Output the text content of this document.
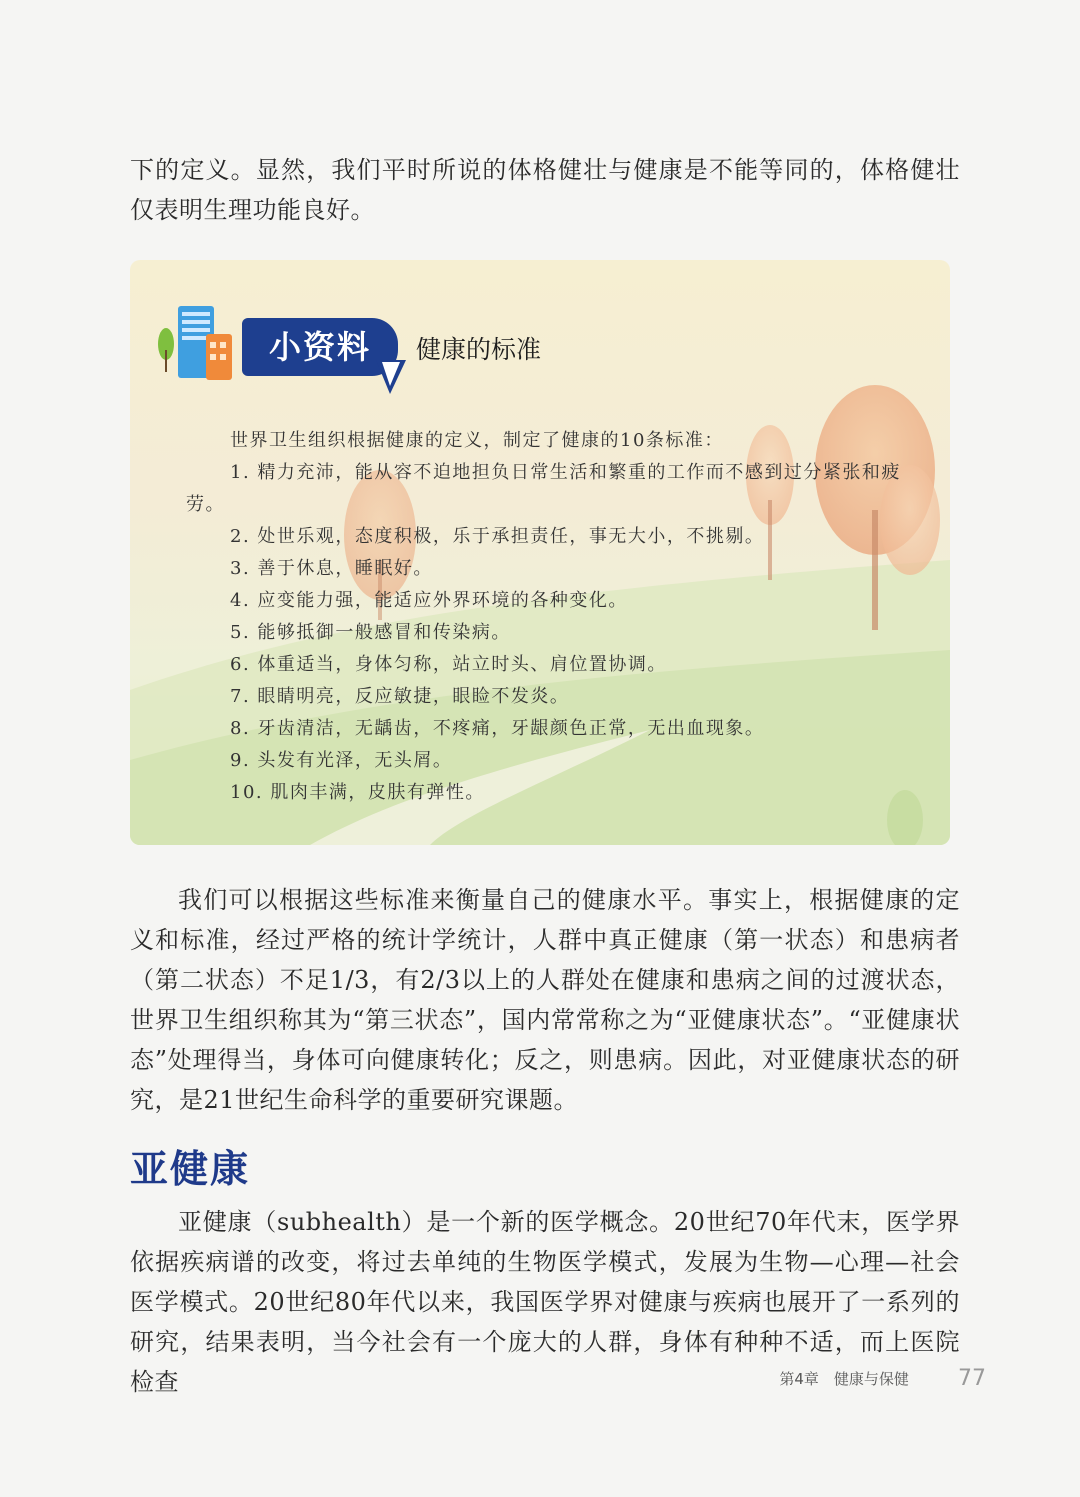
下的定义。显然，我们平时所说的体格健壮与健康是不能等同的，体格健壮仅表明生理功能良好。

小资料	健康的标准

世界卫生组织根据健康的定义，制定了健康的10条标准：

1. 精力充沛，能从容不迫地担负日常生活和繁重的工作而不感到过分紧张和疲劳。

2. 处世乐观，态度积极，乐于承担责任，事无大小，不挑剔。

3. 善于休息，睡眠好。

4. 应变能力强，能适应外界环境的各种变化。

5. 能够抵御一般感冒和传染病。

6. 体重适当，身体匀称，站立时头、肩位置协调。

7. 眼睛明亮，反应敏捷，眼睑不发炎。

8. 牙齿清洁，无龋齿，不疼痛，牙龈颜色正常，无出血现象。

9. 头发有光泽，无头屑。

10. 肌肉丰满，皮肤有弹性。

我们可以根据这些标准来衡量自己的健康水平。事实上，根据健康的定义和标准，经过严格的统计学统计，人群中真正健康（第一状态）和患病者（第二状态）不足1/3，有2/3以上的人群处在健康和患病之间的过渡状态，世界卫生组织称其为“第三状态”，国内常常称之为“亚健康状态”。“亚健康状态”处理得当，身体可向健康转化；反之，则患病。因此，对亚健康状态的研究，是21世纪生命科学的重要研究课题。

亚健康

亚健康（subhealth）是一个新的医学概念。20世纪70年代末，医学界依据疾病谱的改变，将过去单纯的生物医学模式，发展为生物—心理—社会医学模式。20世纪80年代以来，我国医学界对健康与疾病也展开了一系列的研究，结果表明，当今社会有一个庞大的人群，身体有种种不适，而上医院检查	第4章　健康与保健 77
